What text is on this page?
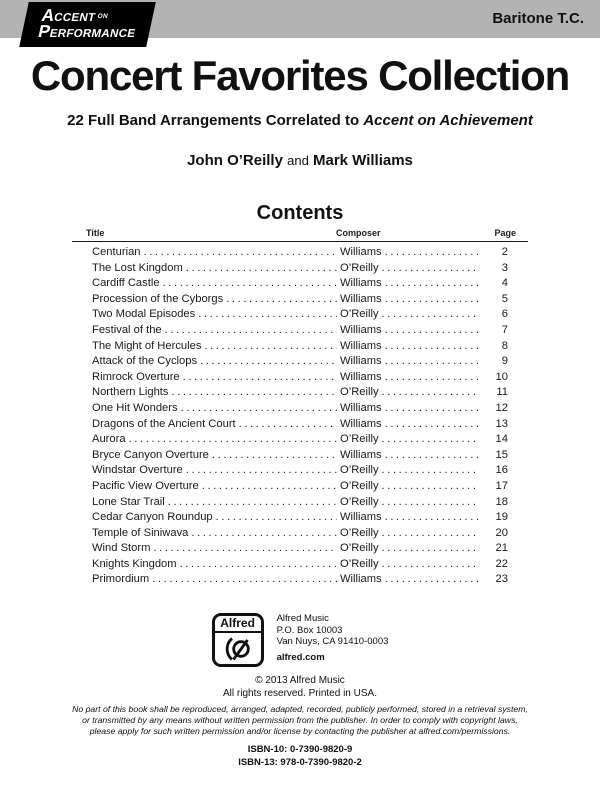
Baritone T.C.
$ACCENT^{ON}$
PERFORMANCE
Concert Favorites Collection
22 Full Band Arrangements Correlated to Accent on Achievement
John O’Reilly and Mark Williams
Contents
Title	Composer	Page
Centurian .....	Williams .....	2
The Lost Kingdom .....	O’Reilly .....	3
Cardiff Castle .....	Williams .....	4
Procession of the Cyborgs .....	Williams .....	5
Two Modal Episodes .....	O’Reilly .....	6
Festival of the .....	Williams .....	7
The Might of Hercules .....	Williams .....	8
Attack of the Cyclops .....	Williams .....	9
Rimrock Overture .....	Williams .....	10
Northern Lights .....	O’Reilly .....	11
One Hit Wonders .....	Williams .....	12
Dragons of the Ancient Court .....	Williams .....	13
Aurora .....	O’Reilly .....	14
Bryce Canyon Overture .....	Williams .....	15
Windstar Overture .....	O’Reilly .....	16
Pacific View Overture .....	O’Reilly .....	17
Lone Star Trail .....	O’Reilly .....	18
Cedar Canyon Roundup .....	Williams .....	19
Temple of Siniwava .....	O’Reilly .....	20
Wind Storm .....	O’Reilly .....	21
Knights Kingdom .....	O’Reilly .....	22
Primordium .....	Williams .....	23
Alfred	Alfred Music
P.O. Box 10003
Van Nuys, CA 91410-0003
alfred.com
© 2013 Alfred Music
All rights reserved. Printed in USA.
No part of this book shall be reproduced, arranged, adapted, recorded, publicly performed, stored in a retrieval system,
or transmitted by any means without written permission from the publisher. In order to comply with copyright laws,
please apply for such written permission and/or license by contacting the publisher at alfred.com/permissions.
ISBN-10: 0-7390-9820-9
ISBN-13: 978-0-7390-9820-2
